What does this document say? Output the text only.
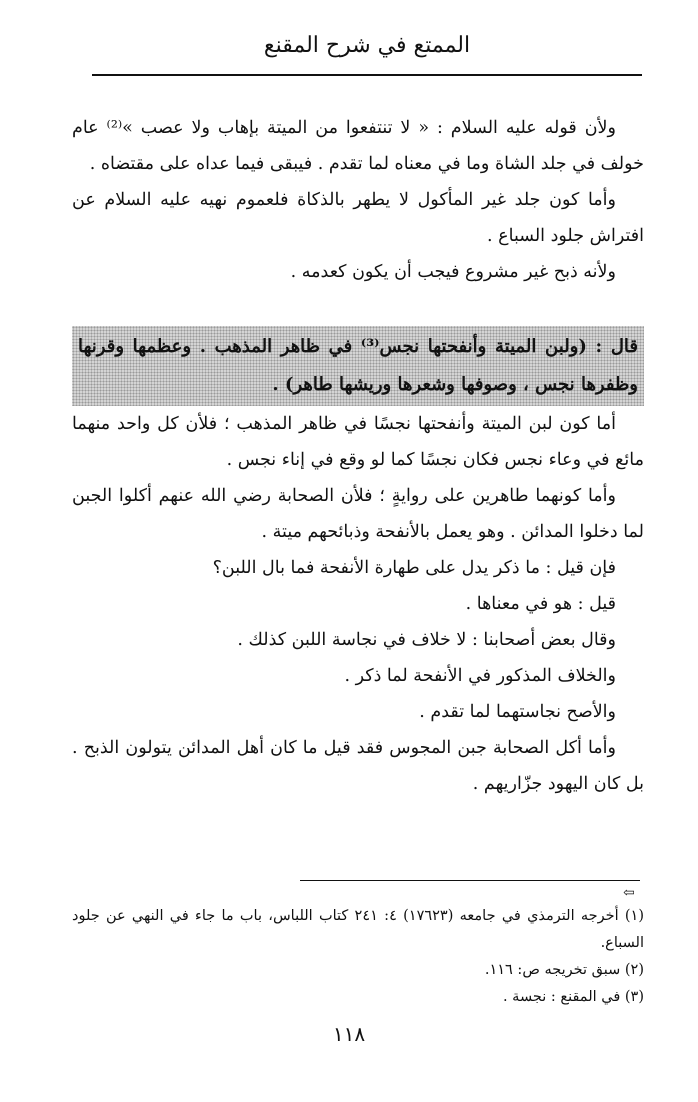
الممتع في شرح المقنع

ولأن قوله عليه السلام : « لا تنتفعوا من الميتة بإهاب ولا عصب »⁽²⁾ عام خولف في جلد الشاة وما في معناه لما تقدم . فيبقى فيما عداه على مقتضاه .

وأما كون جلد غير المأكول لا يطهر بالذكاة فلعموم نهيه عليه السلام عن افتراش جلود السباع .

ولأنه ذبح غير مشروع فيجب أن يكون كعدمه .

قال : (ولبن الميتة وأنفحتها نجس⁽³⁾ في ظاهر المذهب . وعظمها وقرنها وظفرها نجس ، وصوفها وشعرها وريشها طاهر) .

أما كون لبن الميتة وأنفحتها نجسًا في ظاهر المذهب ؛ فلأن كل واحد منهما مائع في وعاء نجس فكان نجسًا كما لو وقع في إناء نجس .

وأما كونهما طاهرين على روايةٍ ؛ فلأن الصحابة رضي الله عنهم أكلوا الجبن لما دخلوا المدائن . وهو يعمل بالأنفحة وذبائحهم ميتة .

فإن قيل : ما ذكر يدل على طهارة الأنفحة فما بال اللبن؟

قيل : هو في معناها .

وقال بعض أصحابنا : لا خلاف في نجاسة اللبن كذلك .

والخلاف المذكور في الأنفحة لما ذكر .

والأصح نجاستهما لما تقدم .

وأما أكل الصحابة جبن المجوس فقد قيل ما كان أهل المدائن يتولون الذبح . بل كان اليهود جزّاريهم .

⇦

(١) أخرجه الترمذي في جامعه (١٧٦٢٣) ٤: ٢٤١ كتاب اللباس، باب ما جاء في النهي عن جلود السباع.

(٢) سبق تخريجه ص: ١١٦.

(٣) في المقنع : نجسة .

١١٨
